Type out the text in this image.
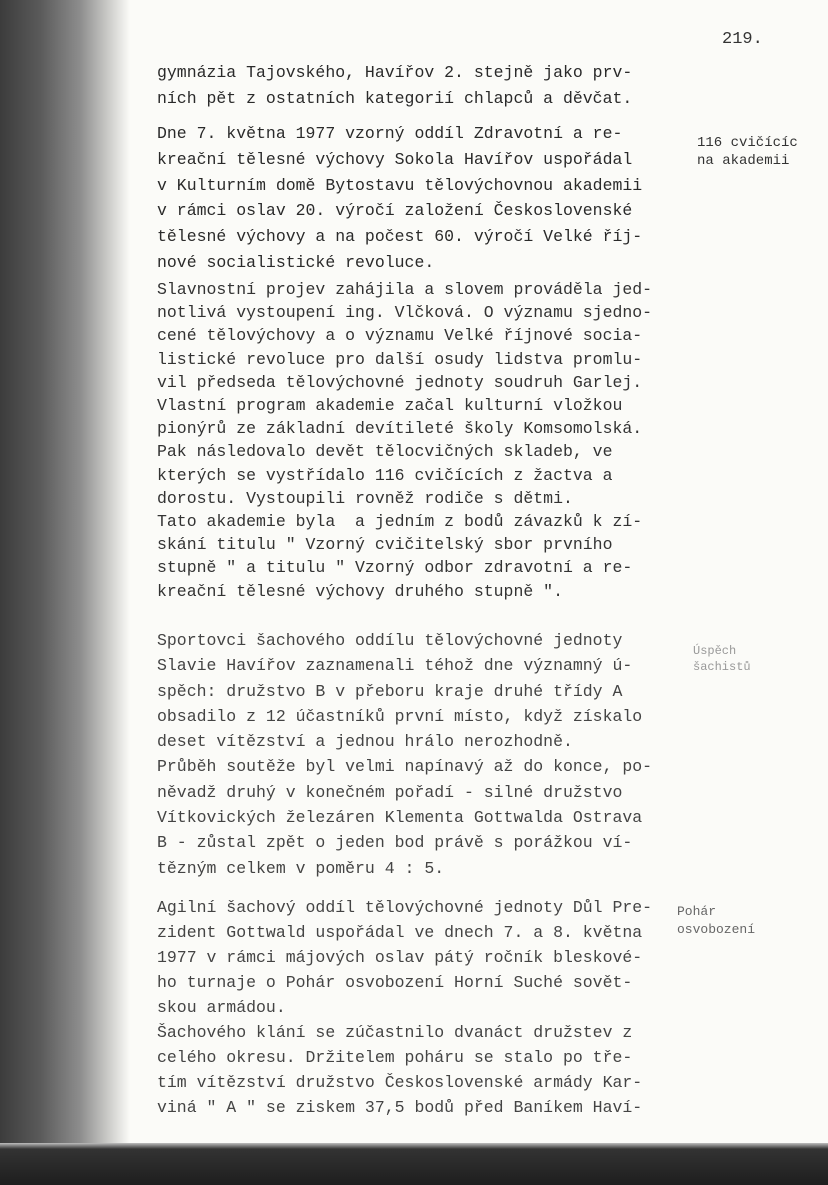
219.
gymnázia Tajovského, Havířov 2. stejně jako prv-
ních pět z ostatních kategorií chlapců a děvčat.
Dne 7. května 1977 vzorný oddíl Zdravotní a re-
kreační tělesné výchovy Sokola Havířov uspořádal
v Kulturním domě Bytostavu tělovýchovnou akademii
v rámci oslav 20. výročí založení Československé
tělesné výchovy a na počest 60. výročí Velké říj-
nové socialistické revoluce.
Slavnostní projev zahájila a slovem prováděla jed-
notlivá vystoupení ing. Vlčková. O významu sjedno-
cené tělovýchovy a o významu Velké říjnové socia-
listické revoluce pro další osudy lidstva promlu-
vil předseda tělovýchovné jednoty soudruh Garlej.
Vlastní program akademie začal kulturní vložkou
pionýrů ze základní devítileté školy Komsomolská.
Pak následovalo devět tělocvičných skladeb, ve
kterých se vystřídalo 116 cvičících z žactva a
dorostu. Vystoupili rovněž rodiče s dětmi.
Tato akademie byla  a jedním z bodů závazků k zí-
skání titulu " Vzorný cvičitelský sbor prvního
stupně " a titulu " Vzorný odbor zdravotní a re-
kreační tělesné výchovy druhého stupně ".
Sportovci šachového oddílu tělovýchovné jednoty
Slavie Havířov zaznamenali téhož dne významný ú-
spěch: družstvo B v přeboru kraje druhé třídy A
obsadilo z 12 účastníků první místo, když získalo
deset vítězství a jednou hrálo nerozhodně.
Průběh soutěže byl velmi napínavý až do konce, po-
něvadž druhý v konečném pořadí - silné družstvo
Vítkovických železáren Klementa Gottwalda Ostrava
B - zůstal zpět o jeden bod právě s porážkou ví-
tězným celkem v poměru 4 : 5.
Agilní šachový oddíl tělovýchovné jednoty Důl Pre-
zident Gottwald uspořádal ve dnech 7. a 8. května
1977 v rámci májových oslav pátý ročník bleskové-
ho turnaje o Pohár osvobození Horní Suché sovět-
skou armádou.
Šachového klání se zúčastnilo dvanáct družstev z
celého okresu. Držitelem poháru se stalo po tře-
tím vítězství družstvo Československé armády Kar-
viná " A " se ziskem 37,5 bodů před Baníkem Haví-
116 cvičícíc
na akademii
Úspěch
šachistů
Pohár
osvobození
